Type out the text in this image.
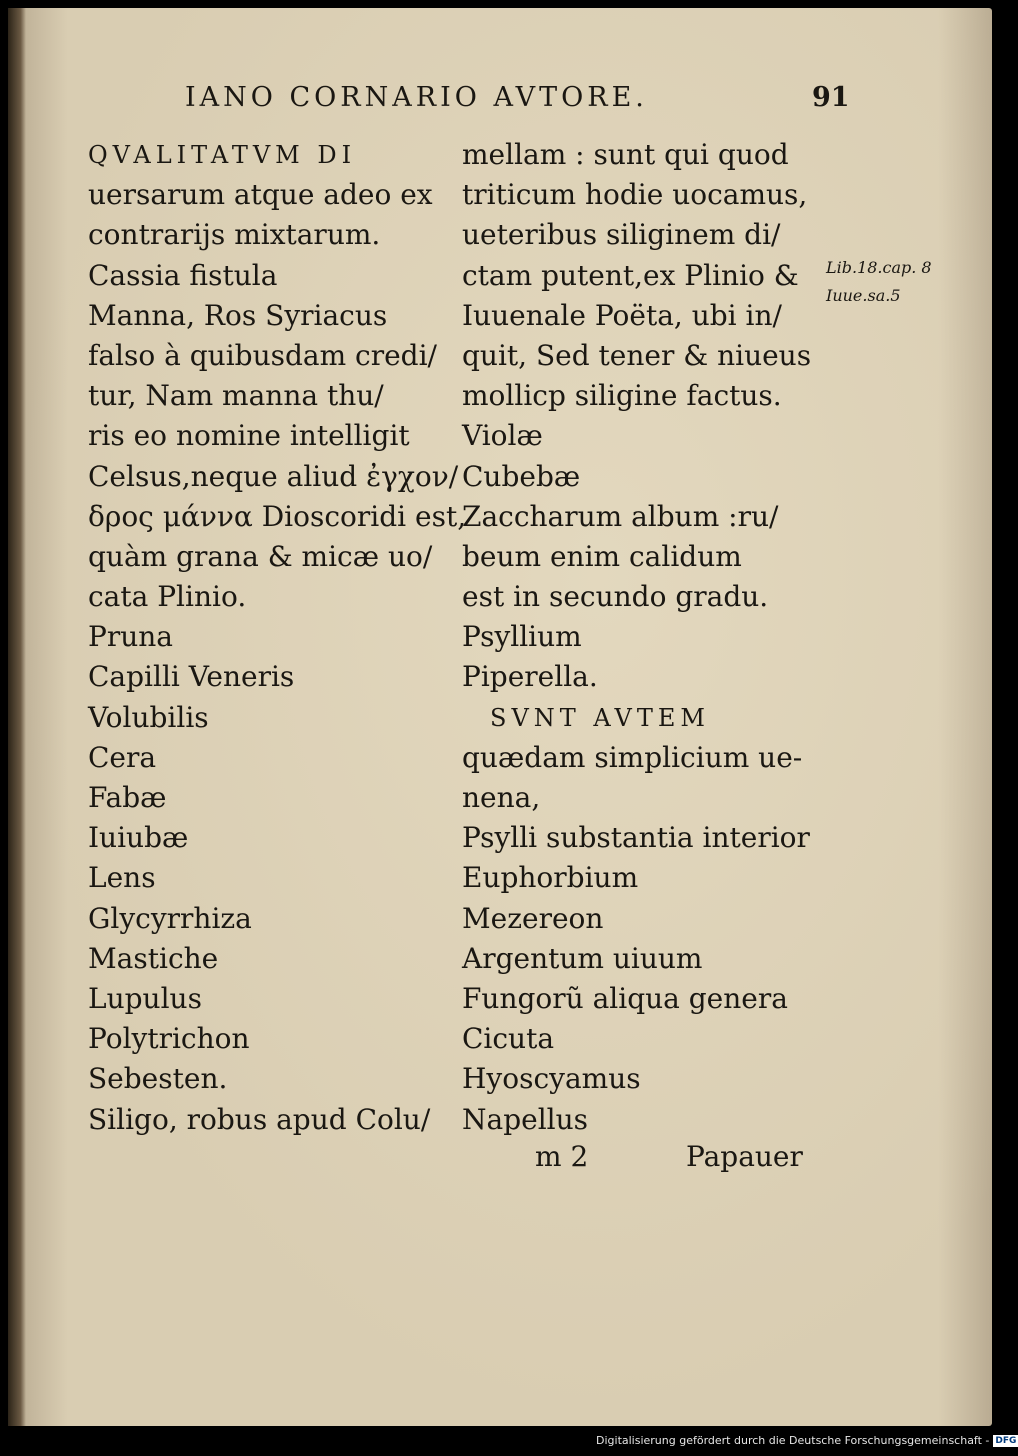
IANO CORNARIO AVTORE.	91
QVALITATVM DI
uersarum atque adeo ex
contrarijs mixtarum.
Cassia fistula
Manna, Ros Syriacus
falso à quibusdam credi/
tur, Nam manna thu/
ris eo nomine intelligit
Celsus,neque aliud ἐγχον/
δρος μάννα Dioscoridi est,
quàm grana & micæ uo/
cata Plinio.
Pruna
Capilli Veneris
Volubilis
Cera
Fabæ
Iuiubæ
Lens
Glycyrrhiza
Mastiche
Lupulus
Polytrichon
Sebesten.
Siligo, robus apud Colu/
mellam : sunt qui quod
triticum hodie uocamus,
ueteribus siliginem di/
ctam putent,ex Plinio &
Iuuenale Poëta, ubi in/
quit, Sed tener & niueus
mollicp siligine factus.
Violæ
Cubebæ
Zaccharum album :ru/
beum enim calidum
est in secundo gradu.
Psyllium
Piperella.
SVNT AVTEM
quædam simplicium ue-
nena,
Psylli substantia interior
Euphorbium
Mezereon
Argentum uiuum
Fungorũ aliqua genera
Cicuta
Hyoscyamus
Napellus
Lib.18.cap. 8
Iuue.sa.5
m 2	Papauer
Digitalisierung gefördert durch die Deutsche Forschungsgemeinschaft - DFG
